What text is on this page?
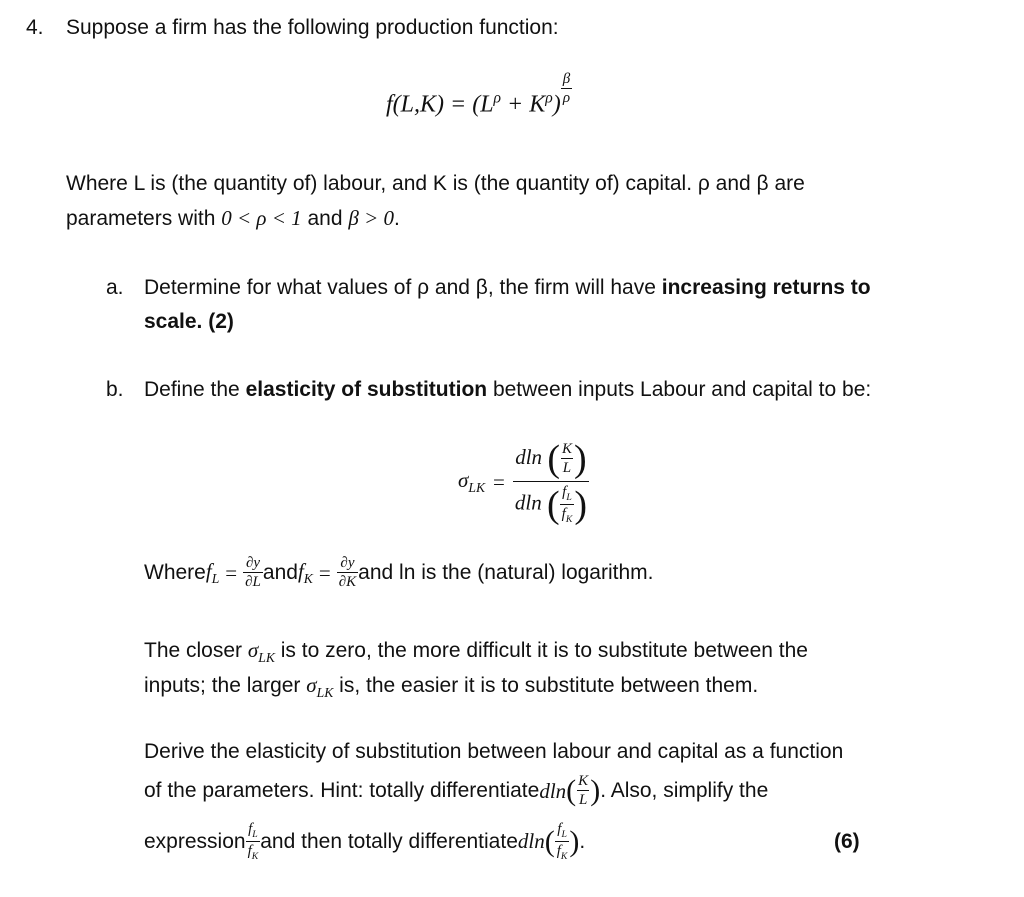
4. Suppose a firm has the following production function:
$f(L,K) = (L^\rho + K^\rho)$ $^{\frac{\beta}{\rho}}$
Where L is (the quantity of) labour, and K is (the quantity of) capital. ρ and β are
parameters with 0 < ρ < 1 and β > 0.
a. Determine for what values of ρ and β, the firm will have increasing returns to
scale. (2)
b. Define the elasticity of substitution between inputs Labour and capital to be:
$\sigma_{LK} = \frac{dln ( \frac{K}{L} )}{dln ( \frac{f_L}{f_K} )}$
Where $f_L = \frac{\partial y}{\partial L}$ and $f_K = \frac{\partial y}{\partial K}$ and ln is the (natural) logarithm.
The closer $\sigma_{LK}$ is to zero, the more difficult it is to substitute between the
inputs; the larger $\sigma_{LK}$ is, the easier it is to substitute between them.
Derive the elasticity of substitution between labour and capital as a function
of the parameters. Hint: totally differentiate dln ( $\frac{K}{L}$ ) . Also, simplify the
expression $\frac{f_L}{f_K}$ and then totally differentiate dln ( $\frac{f_L}{f_K}$ ) .	(6)
